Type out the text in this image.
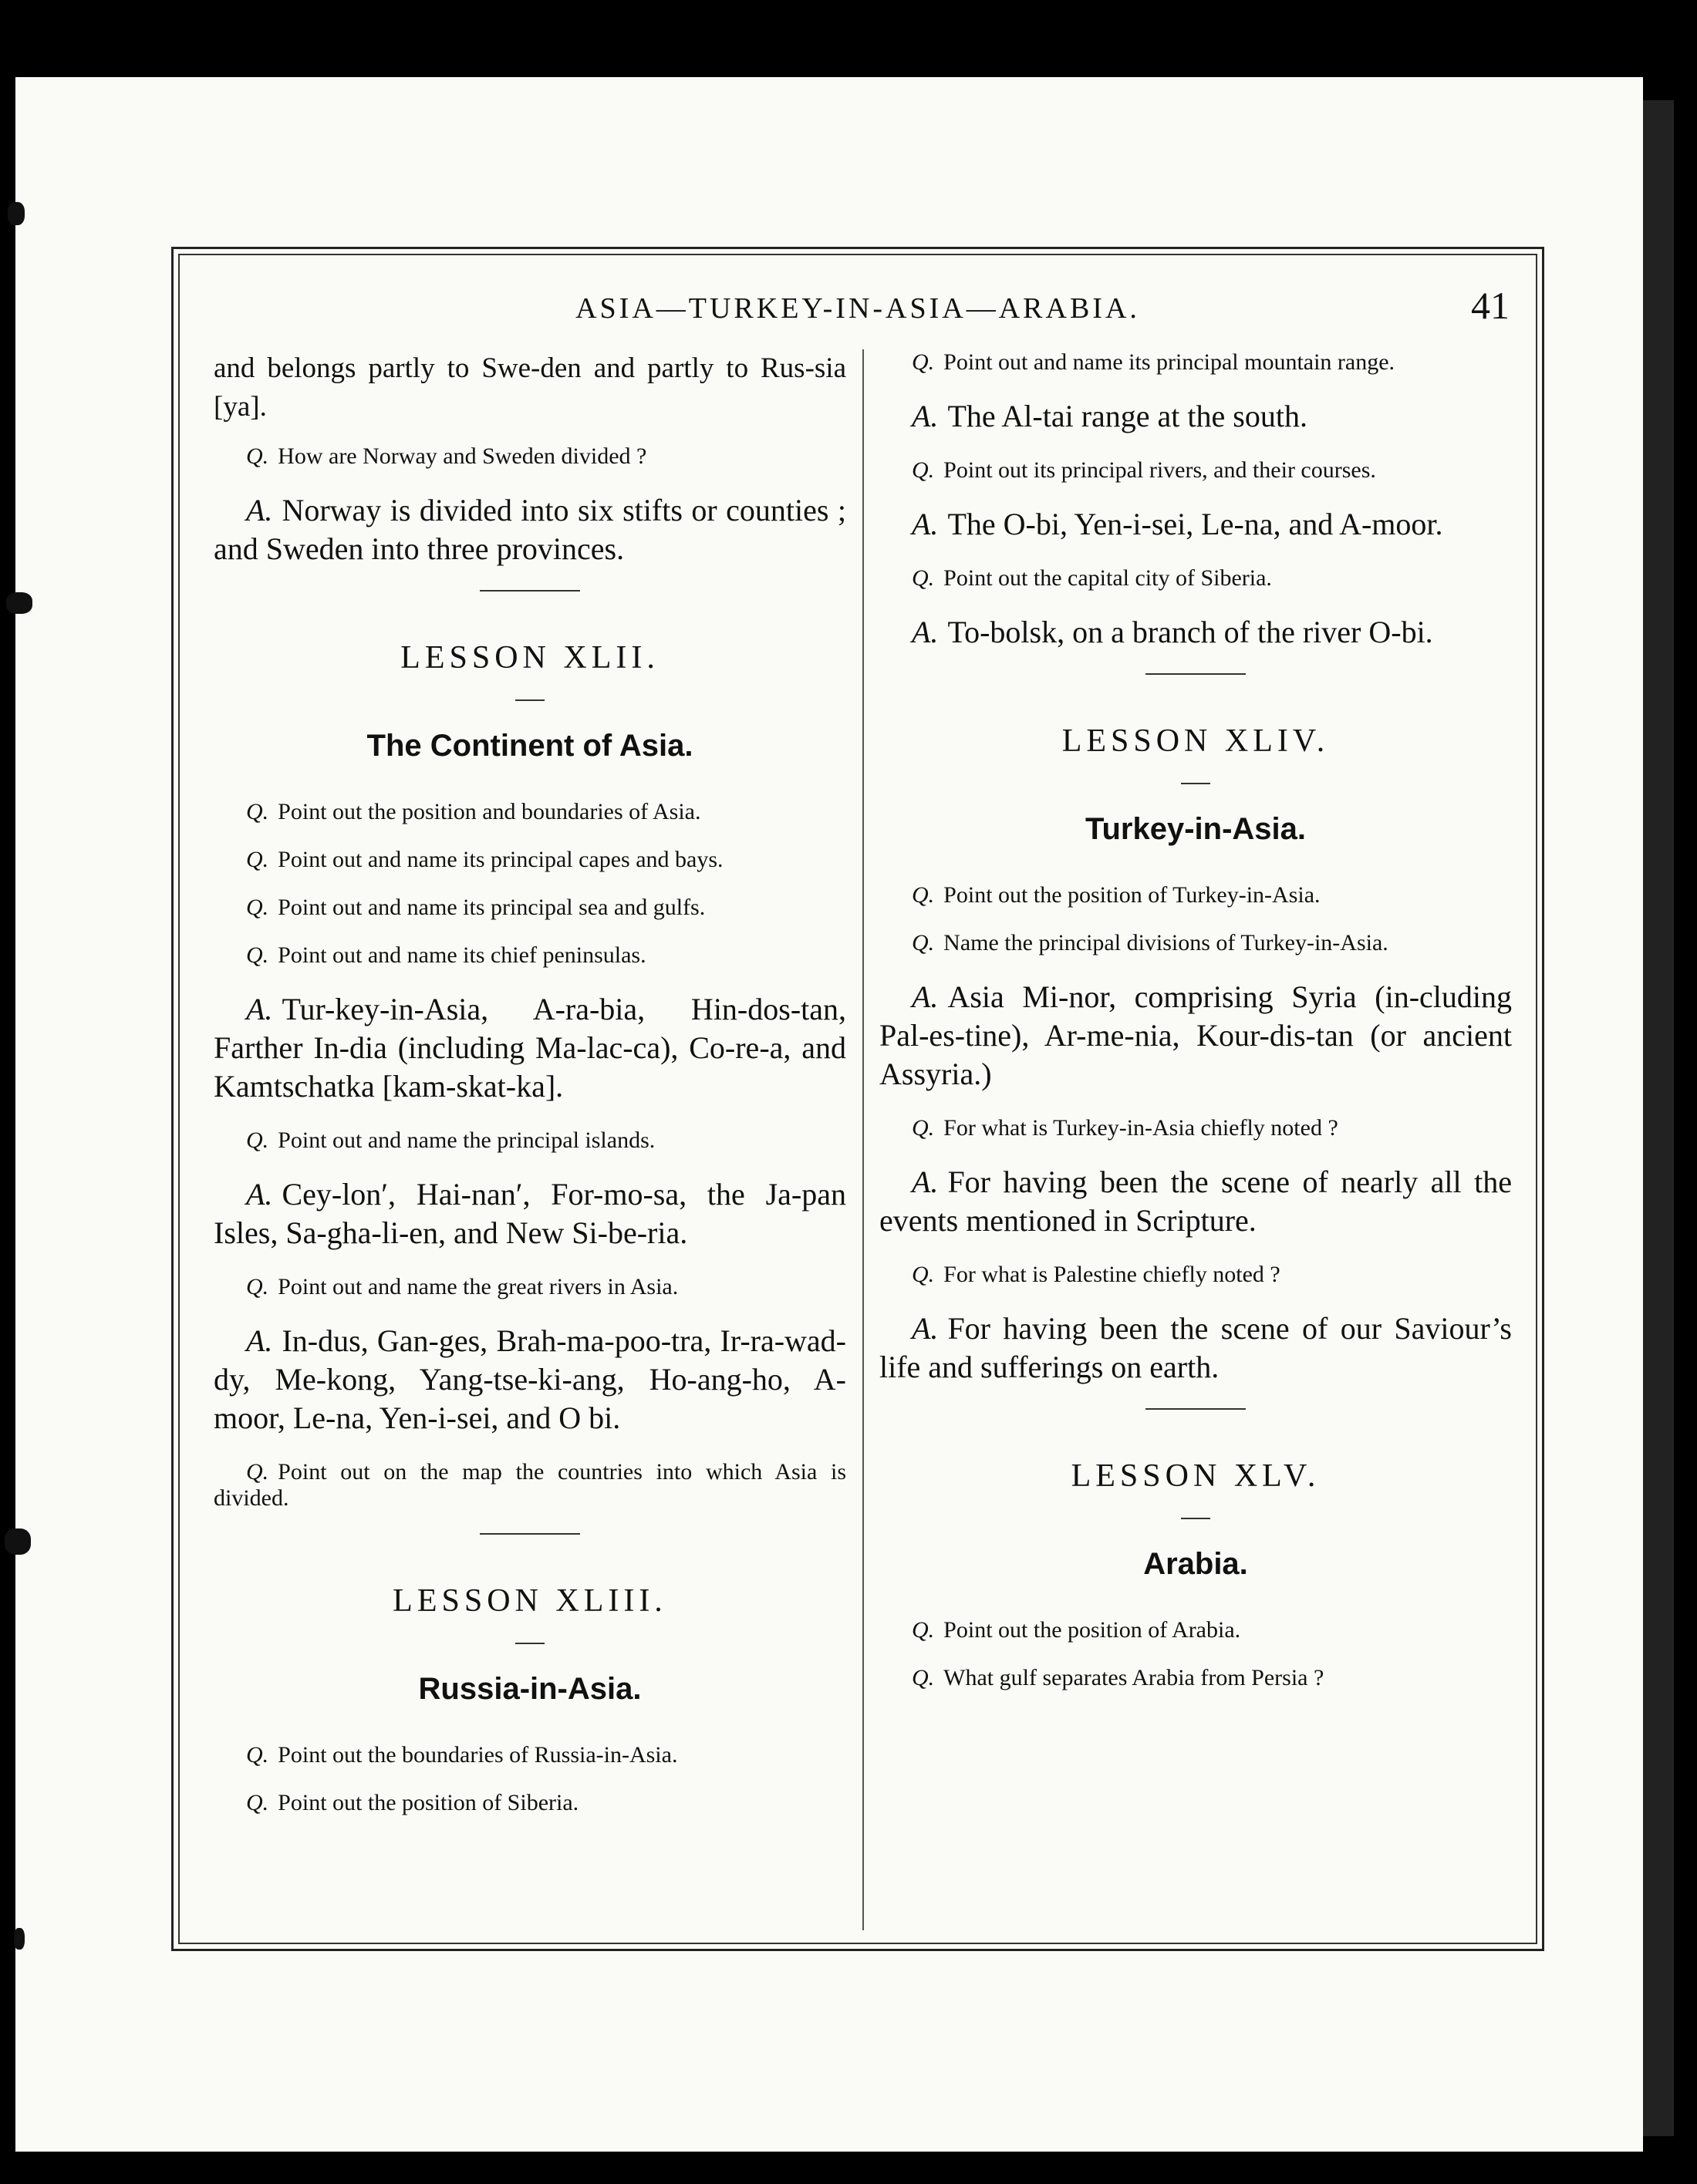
ASIA—TURKEY-IN-ASIA—ARABIA.	41

and belongs partly to Swe-den and partly to Rus-sia [ya].

Q. How are Norway and Sweden divided ?

A. Norway is divided into six stifts or counties ; and Sweden into three provinces.

LESSON XLII.
The Continent of Asia.

Q. Point out the position and boundaries of Asia.

Q. Point out and name its principal capes and bays.

Q. Point out and name its principal sea and gulfs.

Q. Point out and name its chief peninsulas.

A. Tur-key-in-Asia, A-ra-bia, Hin-dos-tan, Farther In-dia (including Ma-lac-ca), Co-re-a, and Kamtschatka [kam-skat-ka].

Q. Point out and name the principal islands.

A. Cey-lon′, Hai-nan′, For-mo-sa, the Ja-pan Isles, Sa-gha-li-en, and New Si-be-ria.

Q. Point out and name the great rivers in Asia.

A. In-dus, Gan-ges, Brah-ma-poo-tra, Ir-ra-wad-dy, Me-kong, Yang-tse-ki-ang, Ho-ang-ho, A-moor, Le-na, Yen-i-sei, and O bi.

Q. Point out on the map the countries into which Asia is divided.

LESSON XLIII.
Russia-in-Asia.

Q. Point out the boundaries of Russia-in-Asia.

Q. Point out the position of Siberia.

Q. Point out and name its principal mountain range.

A. The Al-tai range at the south.

Q. Point out its principal rivers, and their courses.

A. The O-bi, Yen-i-sei, Le-na, and A-moor.

Q. Point out the capital city of Siberia.

A. To-bolsk, on a branch of the river O-bi.

LESSON XLIV.
Turkey-in-Asia.

Q. Point out the position of Turkey-in-Asia.

Q. Name the principal divisions of Turkey-in-Asia.

A. Asia Mi-nor, comprising Syria (in-cluding Pal-es-tine), Ar-me-nia, Kour-dis-tan (or ancient Assyria.)

Q. For what is Turkey-in-Asia chiefly noted ?

A. For having been the scene of nearly all the events mentioned in Scripture.

Q. For what is Palestine chiefly noted ?

A. For having been the scene of our Saviour’s life and sufferings on earth.

LESSON XLV.
Arabia.

Q. Point out the position of Arabia.

Q. What gulf separates Arabia from Persia ?
